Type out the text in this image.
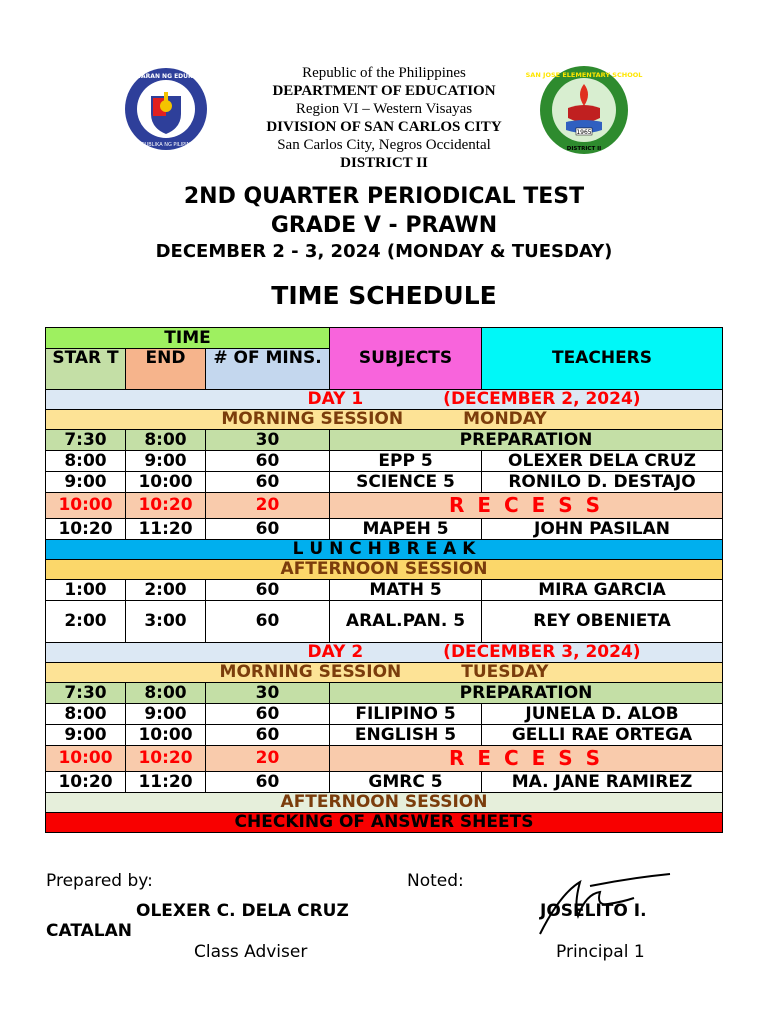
KAGAWARAN NG EDUKASYON
REPUBLIKA NG PILIPINAS
1965
SAN JOSE ELEMENTARY SCHOOL
DISTRICT II
Republic of the Philippines
DEPARTMENT OF EDUCATION
Region VI – Western Visayas
DIVISION OF SAN CARLOS CITY
San Carlos City, Negros Occidental
DISTRICT II
2ND QUARTER PERIODICAL TEST
GRADE V - PRAWN
DECEMBER 2 - 3, 2024 (MONDAY & TUESDAY)
TIME SCHEDULE
TIME			SUBJECTS	TEACHERS
STAR T	END	# OF MINS.		
DAY 1 (DECEMBER 2, 2024)				
MORNING SESSION MONDAY				
7:30	8:00	30	PREPARATION	
8:00	9:00	60	EPP 5	OLEXER DELA CRUZ
9:00	10:00	60	SCIENCE 5	RONILO D. DESTAJO
10:00	10:20	20	R E C E S S	
10:20	11:20	60	MAPEH 5	JOHN PASILAN
L U N C H B R E A K				
AFTERNOON SESSION				
1:00	2:00	60	MATH 5	MIRA GARCIA
2:00	3:00	60	ARAL.PAN. 5	REY OBENIETA
DAY 2 (DECEMBER 3, 2024)				
MORNING SESSION TUESDAY				
7:30	8:00	30	PREPARATION	
8:00	9:00	60	FILIPINO 5	JUNELA D. ALOB
9:00	10:00	60	ENGLISH 5	GELLI RAE ORTEGA
10:00	10:20	20	R E C E S S	
10:20	11:20	60	GMRC 5	MA. JANE RAMIREZ
AFTERNOON SESSION				
CHECKING OF ANSWER SHEETS				
Prepared by:	Noted:
OLEXER C. DELA CRUZ	JOSELITO I.
CATALAN
Class Adviser	Principal 1
